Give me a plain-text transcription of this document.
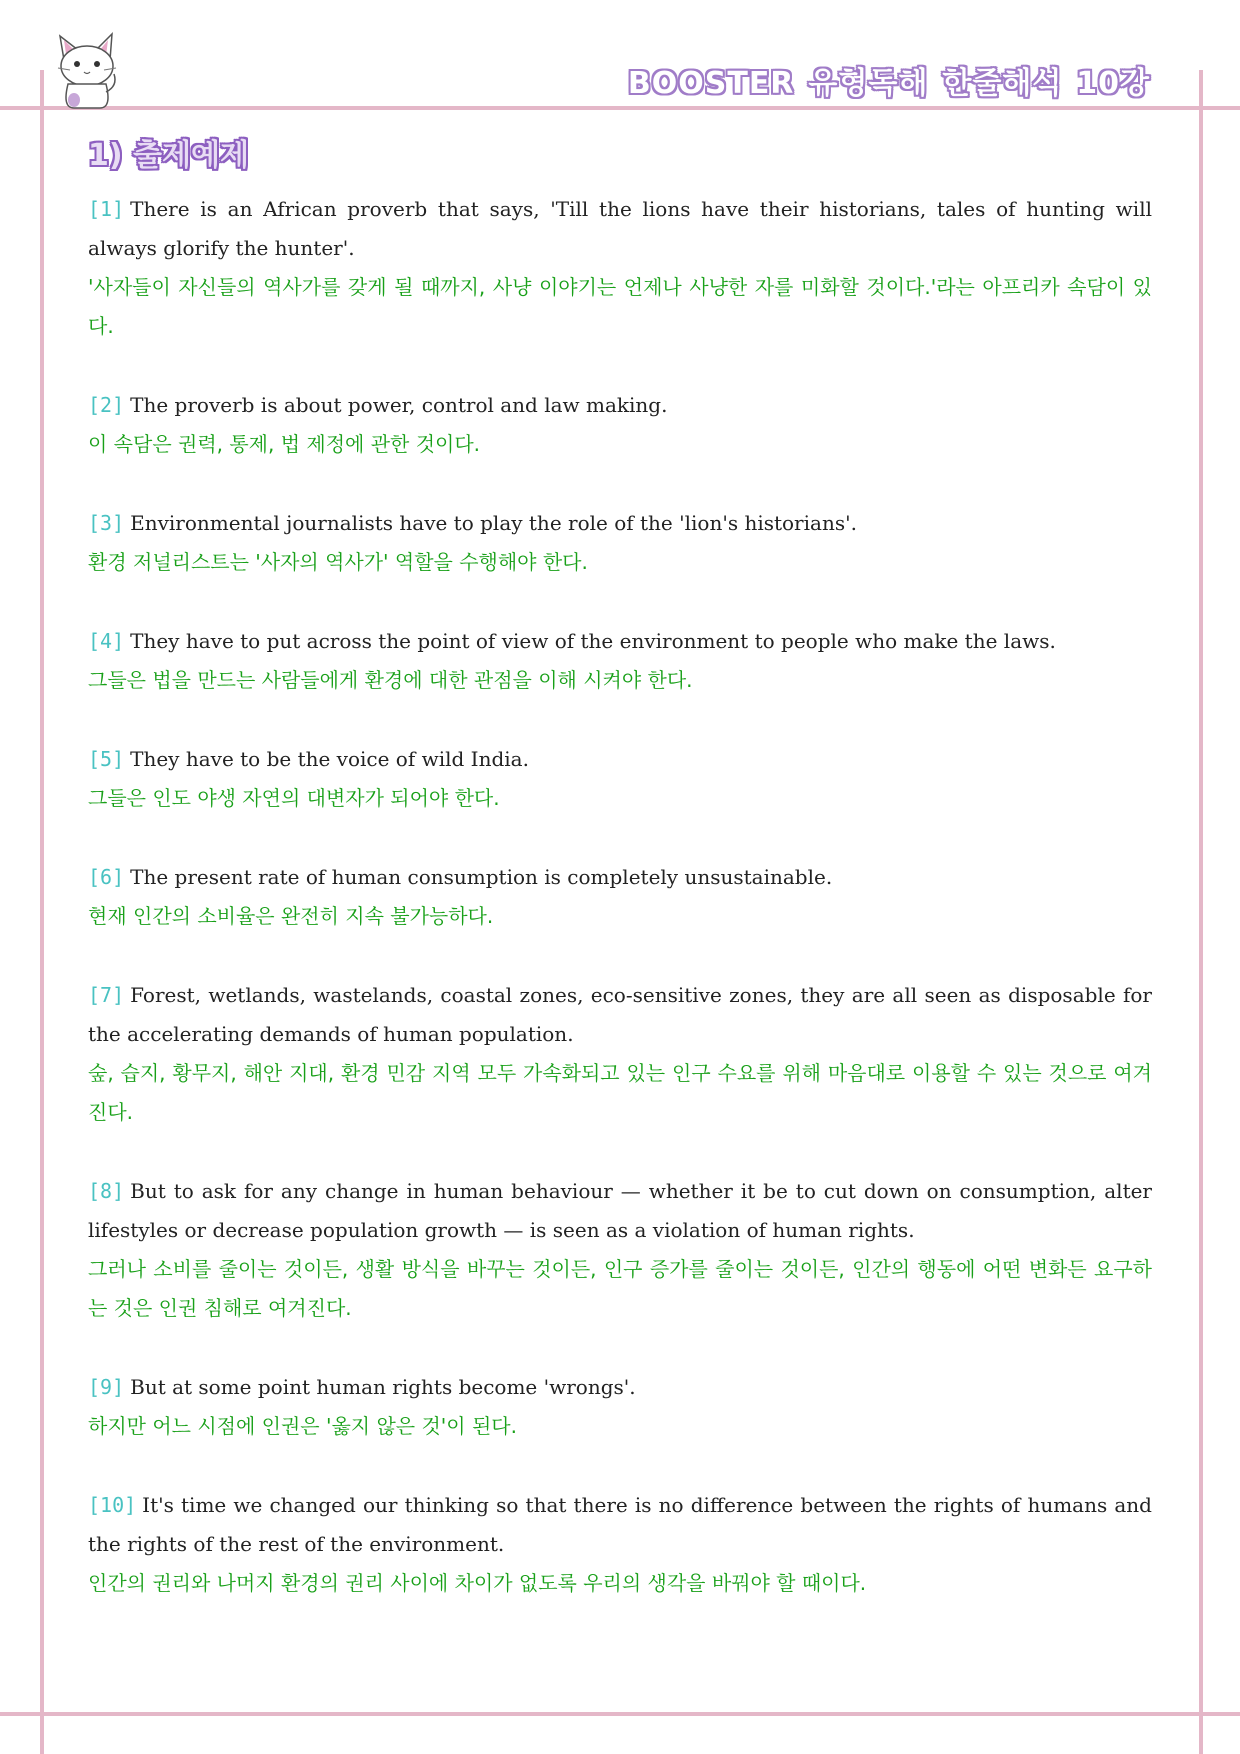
BOOSTER 유형독해 한줄해석 10강
1) 출제예제

[1] There is an African proverb that says, 'Till the lions have their historians, tales of hunting will always glorify the hunter'.

'사자들이 자신들의 역사가를 갖게 될 때까지, 사냥 이야기는 언제나 사냥한 자를 미화할 것이다.'라는 아프리카 속담이 있다.

[2] The proverb is about power, control and law making.

이 속담은 권력, 통제, 법 제정에 관한 것이다.

[3] Environmental journalists have to play the role of the 'lion's historians'.

환경 저널리스트는 '사자의 역사가' 역할을 수행해야 한다.

[4] They have to put across the point of view of the environment to people who make the laws.

그들은 법을 만드는 사람들에게 환경에 대한 관점을 이해 시켜야 한다.

[5] They have to be the voice of wild India.

그들은 인도 야생 자연의 대변자가 되어야 한다.

[6] The present rate of human consumption is completely unsustainable.

현재 인간의 소비율은 완전히 지속 불가능하다.

[7] Forest, wetlands, wastelands, coastal zones, eco-sensitive zones, they are all seen as disposable for the accelerating demands of human population.

숲, 습지, 황무지, 해안 지대, 환경 민감 지역 모두 가속화되고 있는 인구 수요를 위해 마음대로 이용할 수 있는 것으로 여겨진다.

[8] But to ask for any change in human behaviour — whether it be to cut down on consumption, alter lifestyles or decrease population growth — is seen as a violation of human rights.

그러나 소비를 줄이는 것이든, 생활 방식을 바꾸는 것이든, 인구 증가를 줄이는 것이든, 인간의 행동에 어떤 변화든 요구하는 것은 인권 침해로 여겨진다.

[9] But at some point human rights become 'wrongs'.

하지만 어느 시점에 인권은 '옳지 않은 것'이 된다.

[10] It's time we changed our thinking so that there is no difference between the rights of humans and the rights of the rest of the environment.

인간의 권리와 나머지 환경의 권리 사이에 차이가 없도록 우리의 생각을 바꿔야 할 때이다.
